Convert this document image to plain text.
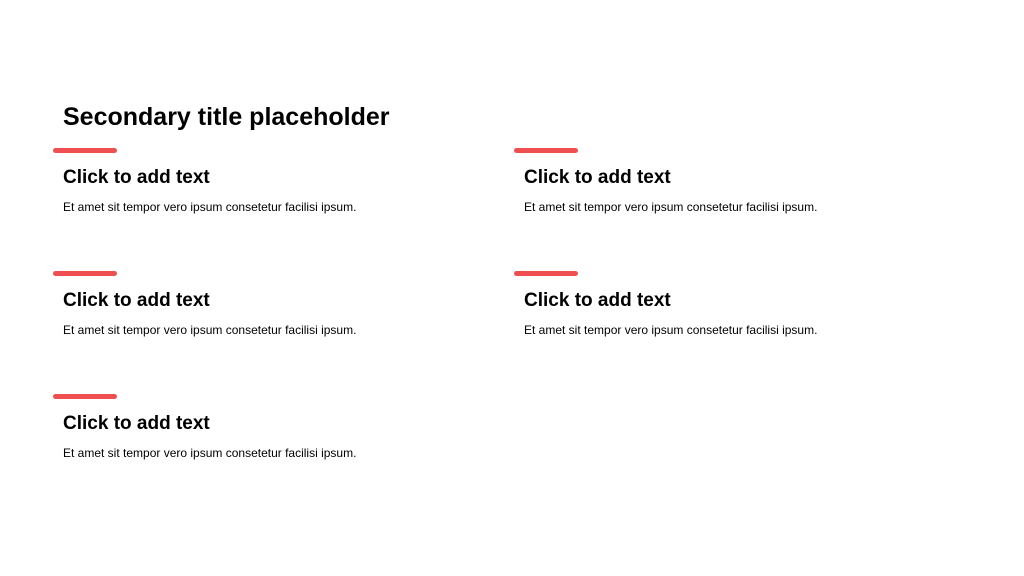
Secondary title placeholder
Click to add text

Et amet sit tempor vero ipsum consetetur facilisi ipsum.

Click to add text

Et amet sit tempor vero ipsum consetetur facilisi ipsum.

Click to add text

Et amet sit tempor vero ipsum consetetur facilisi ipsum.

Click to add text

Et amet sit tempor vero ipsum consetetur facilisi ipsum.

Click to add text

Et amet sit tempor vero ipsum consetetur facilisi ipsum.
